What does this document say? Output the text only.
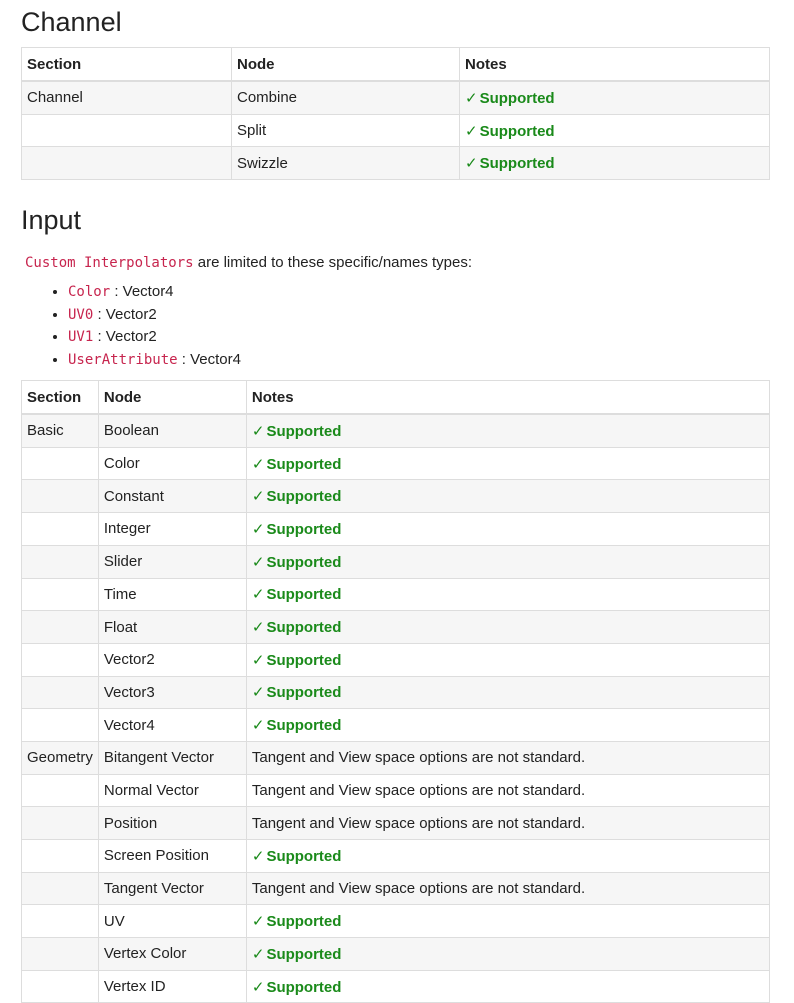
Channel
Section	Node	Notes
Channel	Combine	✓ Supported
	Split	✓ Supported
	Swizzle	✓ Supported
Input
Custom Interpolators are limited to these specific/names types:
• Color : Vector4
• UV0 : Vector2
• UV1 : Vector2
• UserAttribute : Vector4
Section	Node	Notes
Basic	Boolean	✓ Supported
	Color	✓ Supported
	Constant	✓ Supported
	Integer	✓ Supported
	Slider	✓ Supported
	Time	✓ Supported
	Float	✓ Supported
	Vector2	✓ Supported
	Vector3	✓ Supported
	Vector4	✓ Supported
Geometry	Bitangent Vector	Tangent and View space options are not standard.
	Normal Vector	Tangent and View space options are not standard.
	Position	Tangent and View space options are not standard.
	Screen Position	✓ Supported
	Tangent Vector	Tangent and View space options are not standard.
	UV	✓ Supported
	Vertex Color	✓ Supported
	Vertex ID	✓ Supported
